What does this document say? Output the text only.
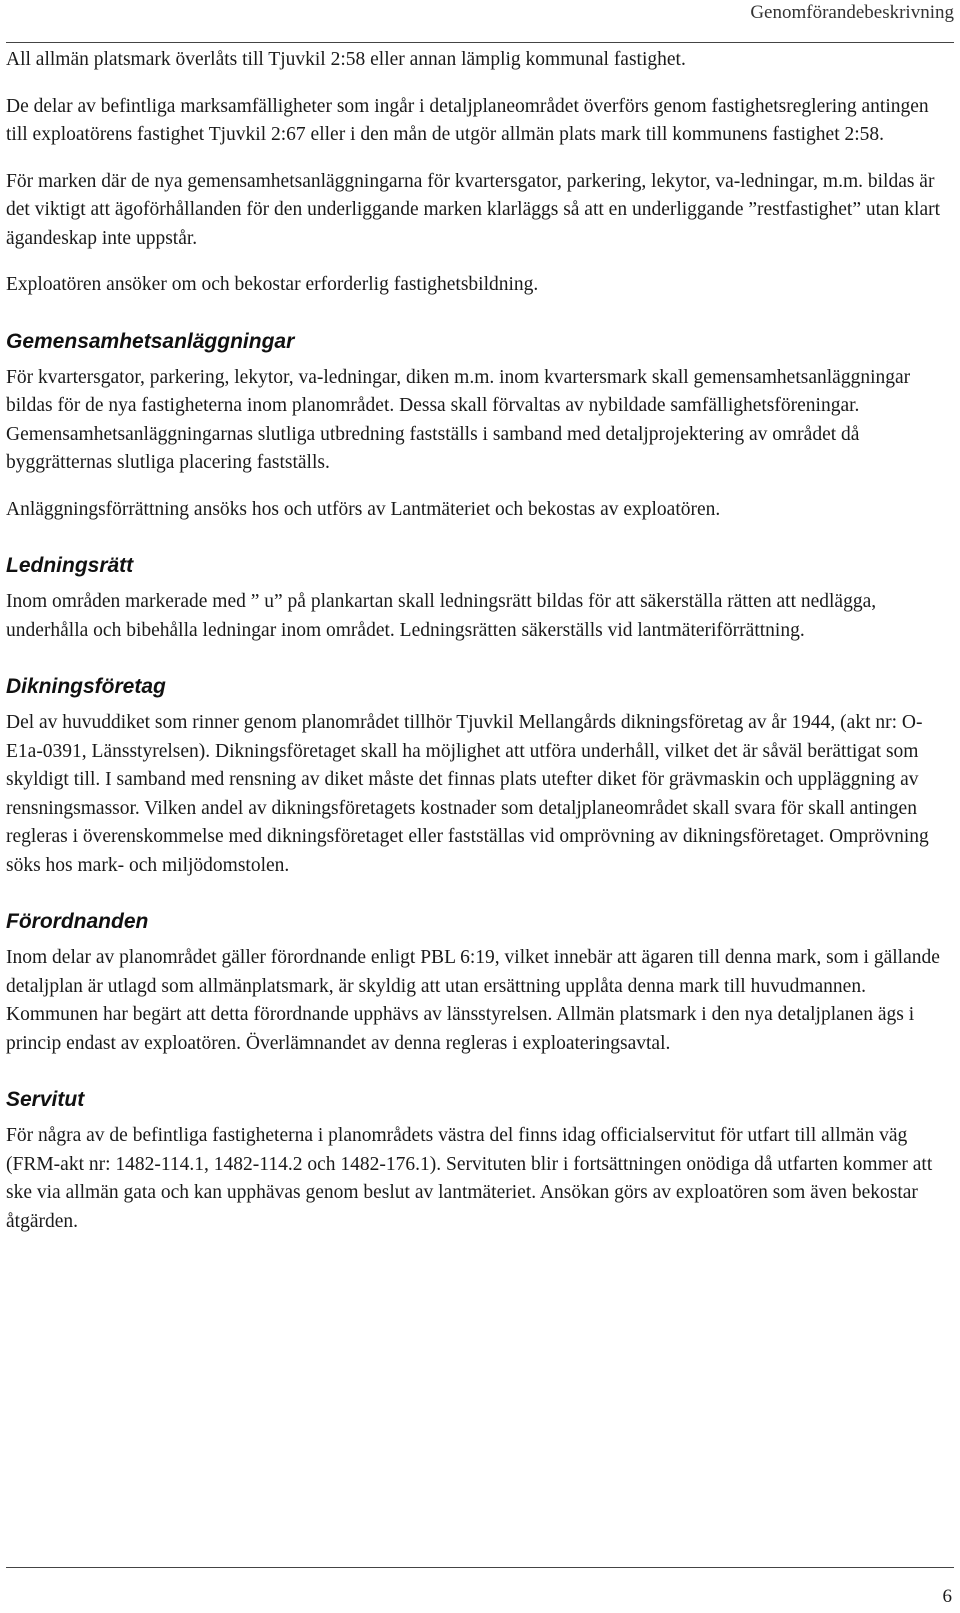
Genomförandebeskrivning

All allmän platsmark överlåts till Tjuvkil 2:58 eller annan lämplig kommunal fastighet.

De delar av befintliga marksamfälligheter som ingår i detaljplaneområdet överförs genom fastighetsreglering antingen till exploatörens fastighet Tjuvkil 2:67 eller i den mån de utgör allmän plats mark till kommunens fastighet 2:58.

För marken där de nya gemensamhetsanläggningarna för kvartersgator, parkering, lekytor, va-ledningar, m.m. bildas är det viktigt att ägoförhållanden för den underliggande marken klarläggs så att en underliggande ”restfastighet” utan klart ägandeskap inte uppstår.

Exploatören ansöker om och bekostar erforderlig fastighetsbildning.

Gemensamhetsanläggningar

För kvartersgator, parkering, lekytor, va-ledningar, diken m.m. inom kvartersmark skall gemensamhetsanläggningar bildas för de nya fastigheterna inom planområdet. Dessa skall förvaltas av nybildade samfällighetsföreningar. Gemensamhetsanläggningarnas slutliga utbredning fastställs i samband med detaljprojektering av området då byggrätternas slutliga placering fastställs.

Anläggningsförrättning ansöks hos och utförs av Lantmäteriet och bekostas av exploatören.

Ledningsrätt

Inom områden markerade med ” u” på plankartan skall ledningsrätt bildas för att säkerställa rätten att nedlägga, underhålla och bibehålla ledningar inom området. Ledningsrätten säkerställs vid lantmäteriförrättning.

Dikningsföretag

Del av huvuddiket som rinner genom planområdet tillhör Tjuvkil Mellangårds dikningsföretag av år 1944, (akt nr: O- E1a-0391, Länsstyrelsen). Dikningsföretaget skall ha möjlighet att utföra underhåll, vilket det är såväl berättigat som skyldigt till. I samband med rensning av diket måste det finnas plats utefter diket för grävmaskin och uppläggning av rensningsmassor. Vilken andel av dikningsföretagets kostnader som detaljplaneområdet skall svara för skall antingen regleras i överenskommelse med dikningsföretaget eller fastställas vid omprövning av dikningsföretaget. Omprövning söks hos mark- och miljödomstolen.

Förordnanden

Inom delar av planområdet gäller förordnande enligt PBL 6:19, vilket innebär att ägaren till denna mark, som i gällande detaljplan är utlagd som allmänplatsmark, är skyldig att utan ersättning upplåta denna mark till huvudmannen. Kommunen har begärt att detta förordnande upphävs av länsstyrelsen. Allmän platsmark i den nya detaljplanen ägs i princip endast av exploatören. Överlämnandet av denna regleras i exploateringsavtal.

Servitut

För några av de befintliga fastigheterna i planområdets västra del finns idag officialservitut för utfart till allmän väg (FRM-akt nr: 1482-114.1, 1482-114.2 och 1482-176.1). Servituten blir i fortsättningen onödiga då utfarten kommer att ske via allmän gata och kan upphävas genom beslut av lantmäteriet. Ansökan görs av exploatören som även bekostar åtgärden.

6
